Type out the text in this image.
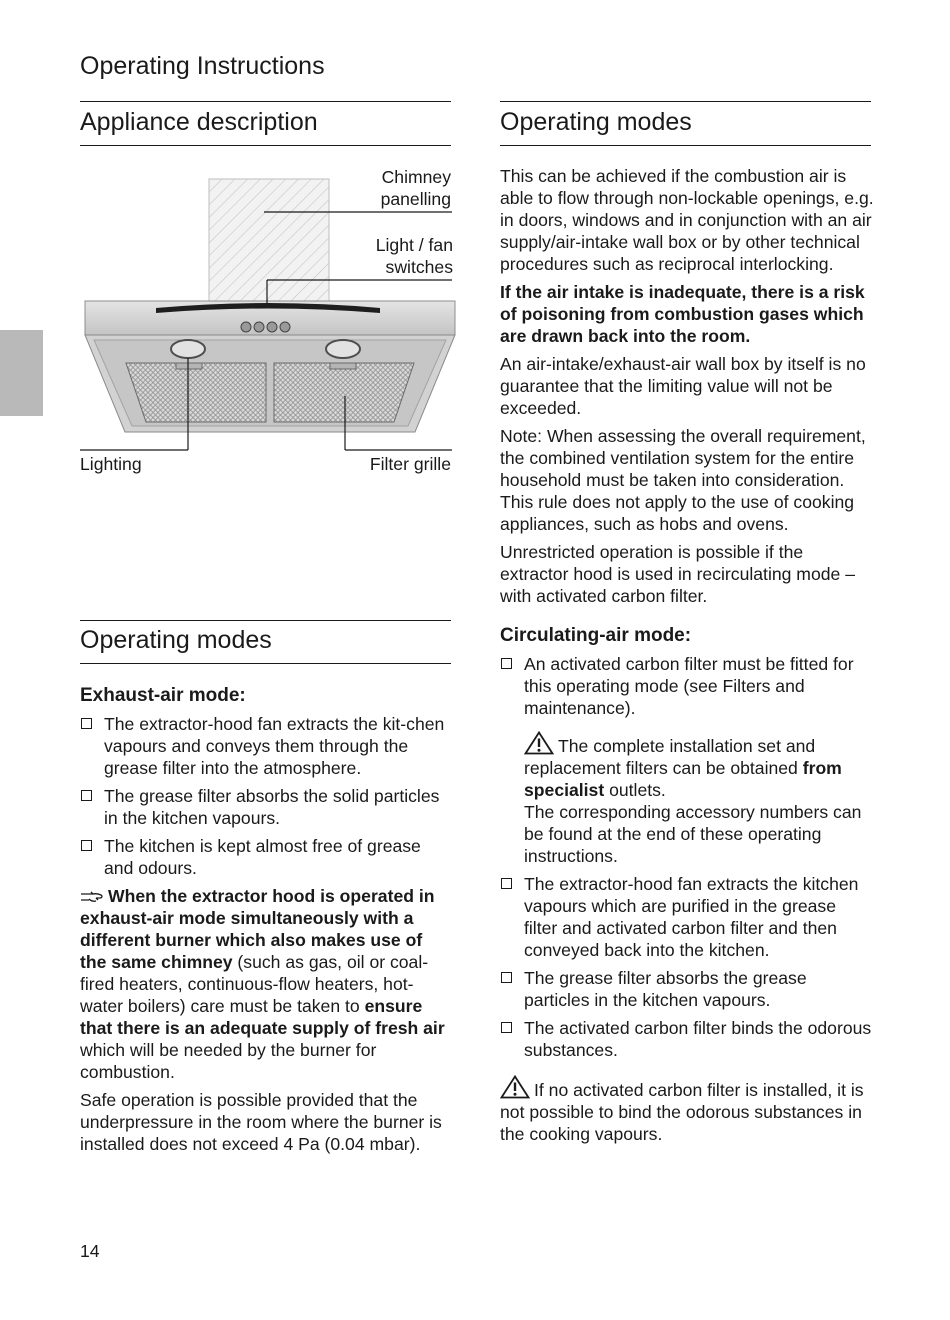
Operating Instructions
Appliance description
Chimney
panelling
Light / fan
switches
Lighting	Filter grille
Operating modes
Exhaust-air mode:
The extractor-hood fan extracts the kit-chen vapours and conveys them through the grease filter into the atmosphere.
The grease filter absorbs the solid particles in the kitchen vapours.
The kitchen is kept almost free of grease and odours.

When the extractor hood is operated in exhaust-air mode simultaneously with a different burner which also makes use of the same chimney (such as gas, oil or coal-fired heaters, continuous-flow heaters, hot-water boilers) care must be taken to ensure that there is an adequate supply of fresh air which will be needed by the burner for combustion.

Safe operation is possible provided that the underpressure in the room where the burner is installed does not exceed 4 Pa (0.04 mbar).

Operating modes

This can be achieved if the combustion air is able to flow through non-lockable openings, e.g. in doors, windows and in conjunction with an air supply/air-intake wall box or by other technical procedures such as reciprocal interlocking.

If the air intake is inadequate, there is a risk of poisoning from combustion gases which are drawn back into the room.

An air-intake/exhaust-air wall box by itself is no guarantee that the limiting value will not be exceeded.

Note: When assessing the overall requirement, the combined ventilation system for the entire household must be taken into consideration. This rule does not apply to the use of cooking appliances, such as hobs and ovens.

Unrestricted operation is possible if the extractor hood is used in recirculating mode – with activated carbon filter.

Circulating-air mode:
An activated carbon filter must be fitted for this operating mode (see Filters and maintenance).
The complete installation set and replacement filters can be obtained from specialist outlets.
The corresponding accessory numbers can be found at the end of these operating instructions.
The extractor-hood fan extracts the kitchen vapours which are purified in the grease filter and activated carbon filter and then conveyed back into the kitchen.
The grease filter absorbs the grease particles in the kitchen vapours.
The activated carbon filter binds the odorous substances.

If no activated carbon filter is installed, it is not possible to bind the odorous substances in the cooking vapours.

14
